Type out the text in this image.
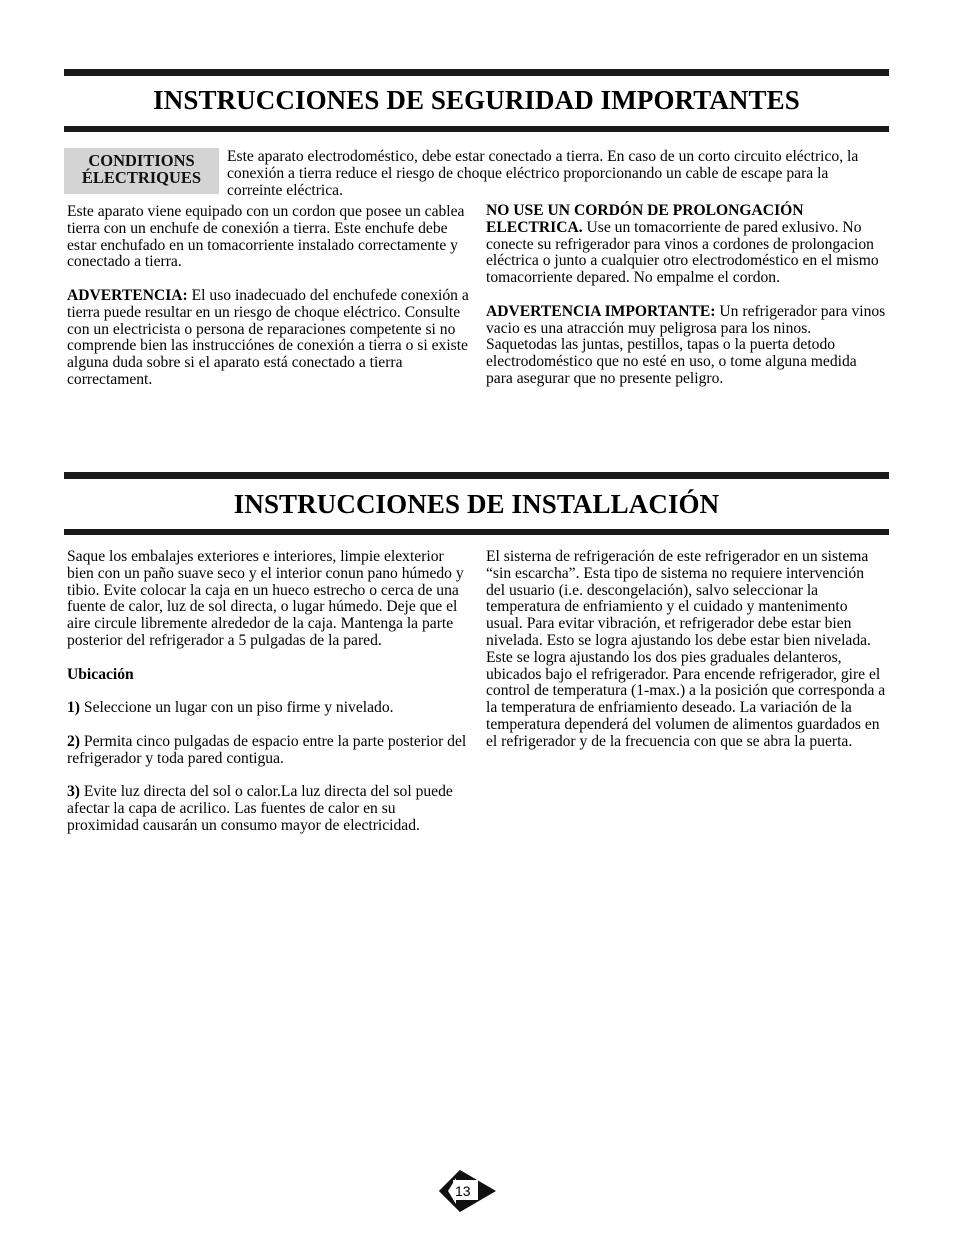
INSTRUCCIONES DE SEGURIDAD IMPORTANTES
CONDITIONS
ÉLECTRIQUES
Este aparato electrodoméstico, debe estar conectado a tierra. En caso de un corto circuito eléctrico, la conexión a tierra reduce el riesgo de choque eléctrico proporcionando un cable de escape para la correinte eléctrica.

Este aparato viene equipado con un cordon que posee un cablea tierra con un enchufe de conexión a tierra. Este enchufe debe estar enchufado en un tomacorriente instalado correctamente y conectado a tierra.

ADVERTENCIA: El uso inadecuado del enchufede conexión a tierra puede resultar en un riesgo de choque eléctrico. Consulte con un electricista o persona de reparaciones competente si no comprende bien las instrucciónes de conexión a tierra o si existe alguna duda sobre si el aparato está conectado a tierra correctament.

NO USE UN CORDÓN DE PROLONGACIÓN ELECTRICA. Use un tomacorriente de pared exlusivo. No conecte su refrigerador para vinos a cordones de prolongacion eléctrica o junto a cualquier otro electrodoméstico en el mismo tomacorriente depared. No empalme el cordon.

ADVERTENCIA IMPORTANTE: Un refrigerador para vinos vacio es una atracción muy peligrosa para los ninos. Saquetodas las juntas, pestillos, tapas o la puerta detodo electrodoméstico que no esté en uso, o tome alguna medida para asegurar que no presente peligro.

INSTRUCCIONES DE INSTALLACIÓN

Saque los embalajes exteriores e interiores, limpie elexterior bien con un paño suave seco y el interior conun pano húmedo y tibio. Evite colocar la caja en un hueco estrecho o cerca de una fuente de calor, luz de sol directa, o lugar húmedo. Deje que el aire circule libremente alrededor de la caja. Mantenga la parte posterior del refrigerador a 5 pulgadas de la pared.

Ubicación

1) Seleccione un lugar con un piso firme y nivelado.

2) Permita cinco pulgadas de espacio entre la parte posterior del refrigerador y toda pared contigua.

3) Evite luz directa del sol o calor.La luz directa del sol puede afectar la capa de acrilico. Las fuentes de calor en su proximidad causarán un consumo mayor de electricidad.

El sisterna de refrigeración de este refrigerador en un sistema “sin escarcha”. Esta tipo de sistema no requiere intervención del usuario (i.e. descongelación), salvo seleccionar la temperatura de enfriamiento y el cuidado y mantenimento usual. Para evitar vibración, et refrigerador debe estar bien nivelada. Esto se logra ajustando los debe estar bien nivelada. Este se logra ajustando los dos pies graduales delanteros, ubicados bajo el refrigerador. Para encende refrigerador, gire el control de temperatura (1-max.) a la posición que corresponda a la temperatura de enfriamiento deseado. La variación de la temperatura dependerá del volumen de alimentos guardados en el refrigerador y de la frecuencia con que se abra la puerta.

13
